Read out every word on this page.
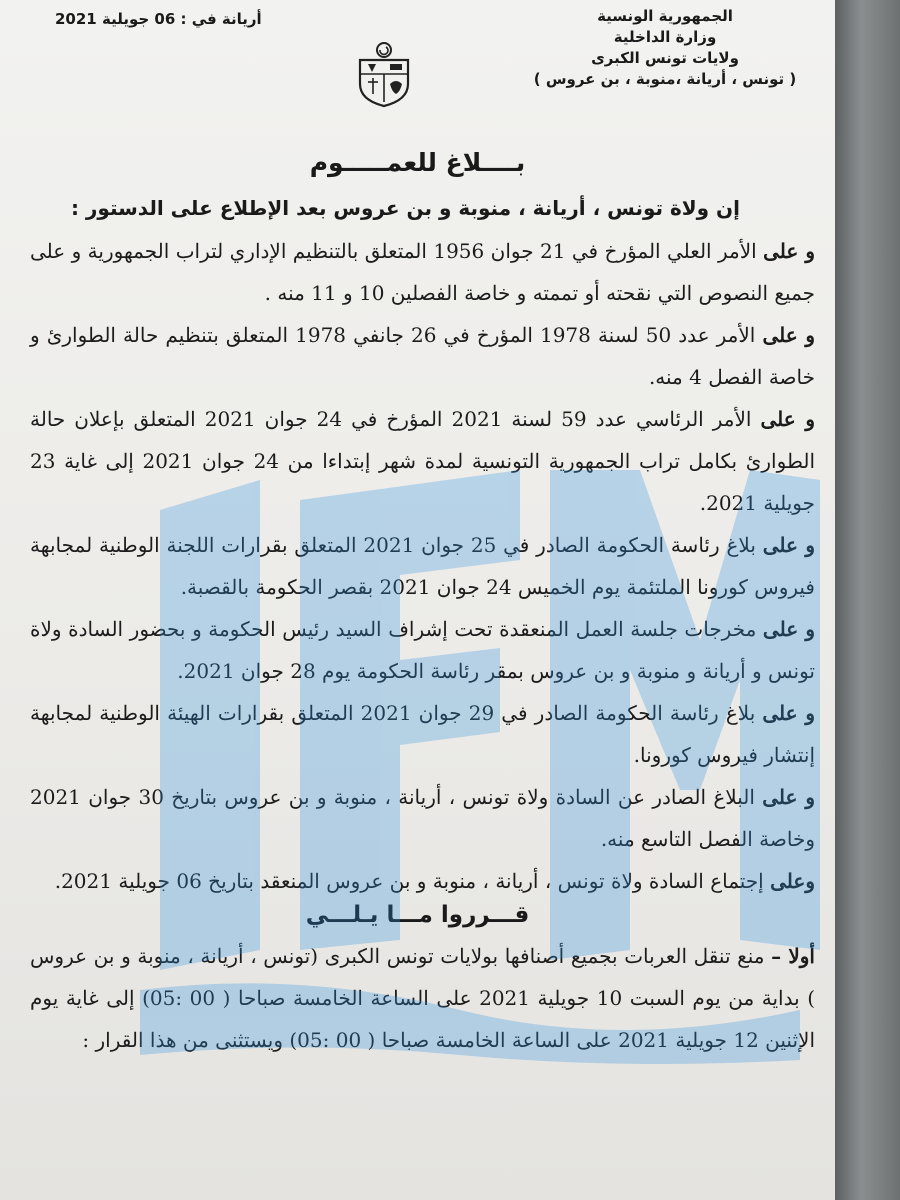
الجمهورية الونسية
وزارة الداخلية
ولايات تونس الكبرى
( تونس ، أريانة ،منوبة ، بن عروس )
أريانة في : 06 جويلية 2021
بــــلاغ للعمـــــوم
إن ولاة تونس ، أريانة ، منوبة و بن عروس بعد الإطلاع على الدستور :

و على الأمر العلي المؤرخ في 21 جوان 1956 المتعلق بالتنظيم الإداري لتراب الجمهورية و على جميع النصوص التي نقحته أو تممته و خاصة الفصلين 10 و 11 منه .

و على الأمر عدد 50 لسنة 1978 المؤرخ في 26 جانفي 1978 المتعلق بتنظيم حالة الطوارئ و خاصة الفصل 4 منه.

و على الأمر الرئاسي عدد 59 لسنة 2021 المؤرخ في 24 جوان 2021 المتعلق بإعلان حالة الطوارئ بكامل تراب الجمهورية التونسية لمدة شهر إبتداءا من 24 جوان 2021 إلى غاية 23 جويلية 2021.

و على بلاغ رئاسة الحكومة الصادر في 25 جوان 2021 المتعلق بقرارات اللجنة الوطنية لمجابهة فيروس كورونا الملتئمة يوم الخميس 24 جوان 2021 بقصر الحكومة بالقصبة.

و على مخرجات جلسة العمل المنعقدة تحت إشراف السيد رئيس الحكومة و بحضور السادة ولاة تونس و أريانة و منوبة و بن عروس بمقر رئاسة الحكومة يوم 28 جوان 2021.

و على بلاغ رئاسة الحكومة الصادر في 29 جوان 2021 المتعلق بقرارات الهيئة الوطنية لمجابهة إنتشار فيروس كورونا.

و على البلاغ الصادر عن السادة ولاة تونس ، أريانة ، منوبة و بن عروس بتاريخ 30 جوان 2021 وخاصة الفصل التاسع منه.

وعلى إجتماع السادة ولاة تونس ، أريانة ، منوبة و بن عروس المنعقد بتاريخ 06 جويلية 2021.

قـــرروا مـــا يـلـــي
أولا – منع تنقل العربات بجميع أصنافها بولايات تونس الكبرى (تونس ، أريانة ، منوبة و بن عروس ) بداية من يوم السبت 10 جويلية 2021 على الساعة الخامسة صباحا ( 00 :05) إلى غاية يوم الإثنين 12 جويلية 2021 على الساعة الخامسة صباحا ( 00 :05) ويستثنى من هذا القرار :
